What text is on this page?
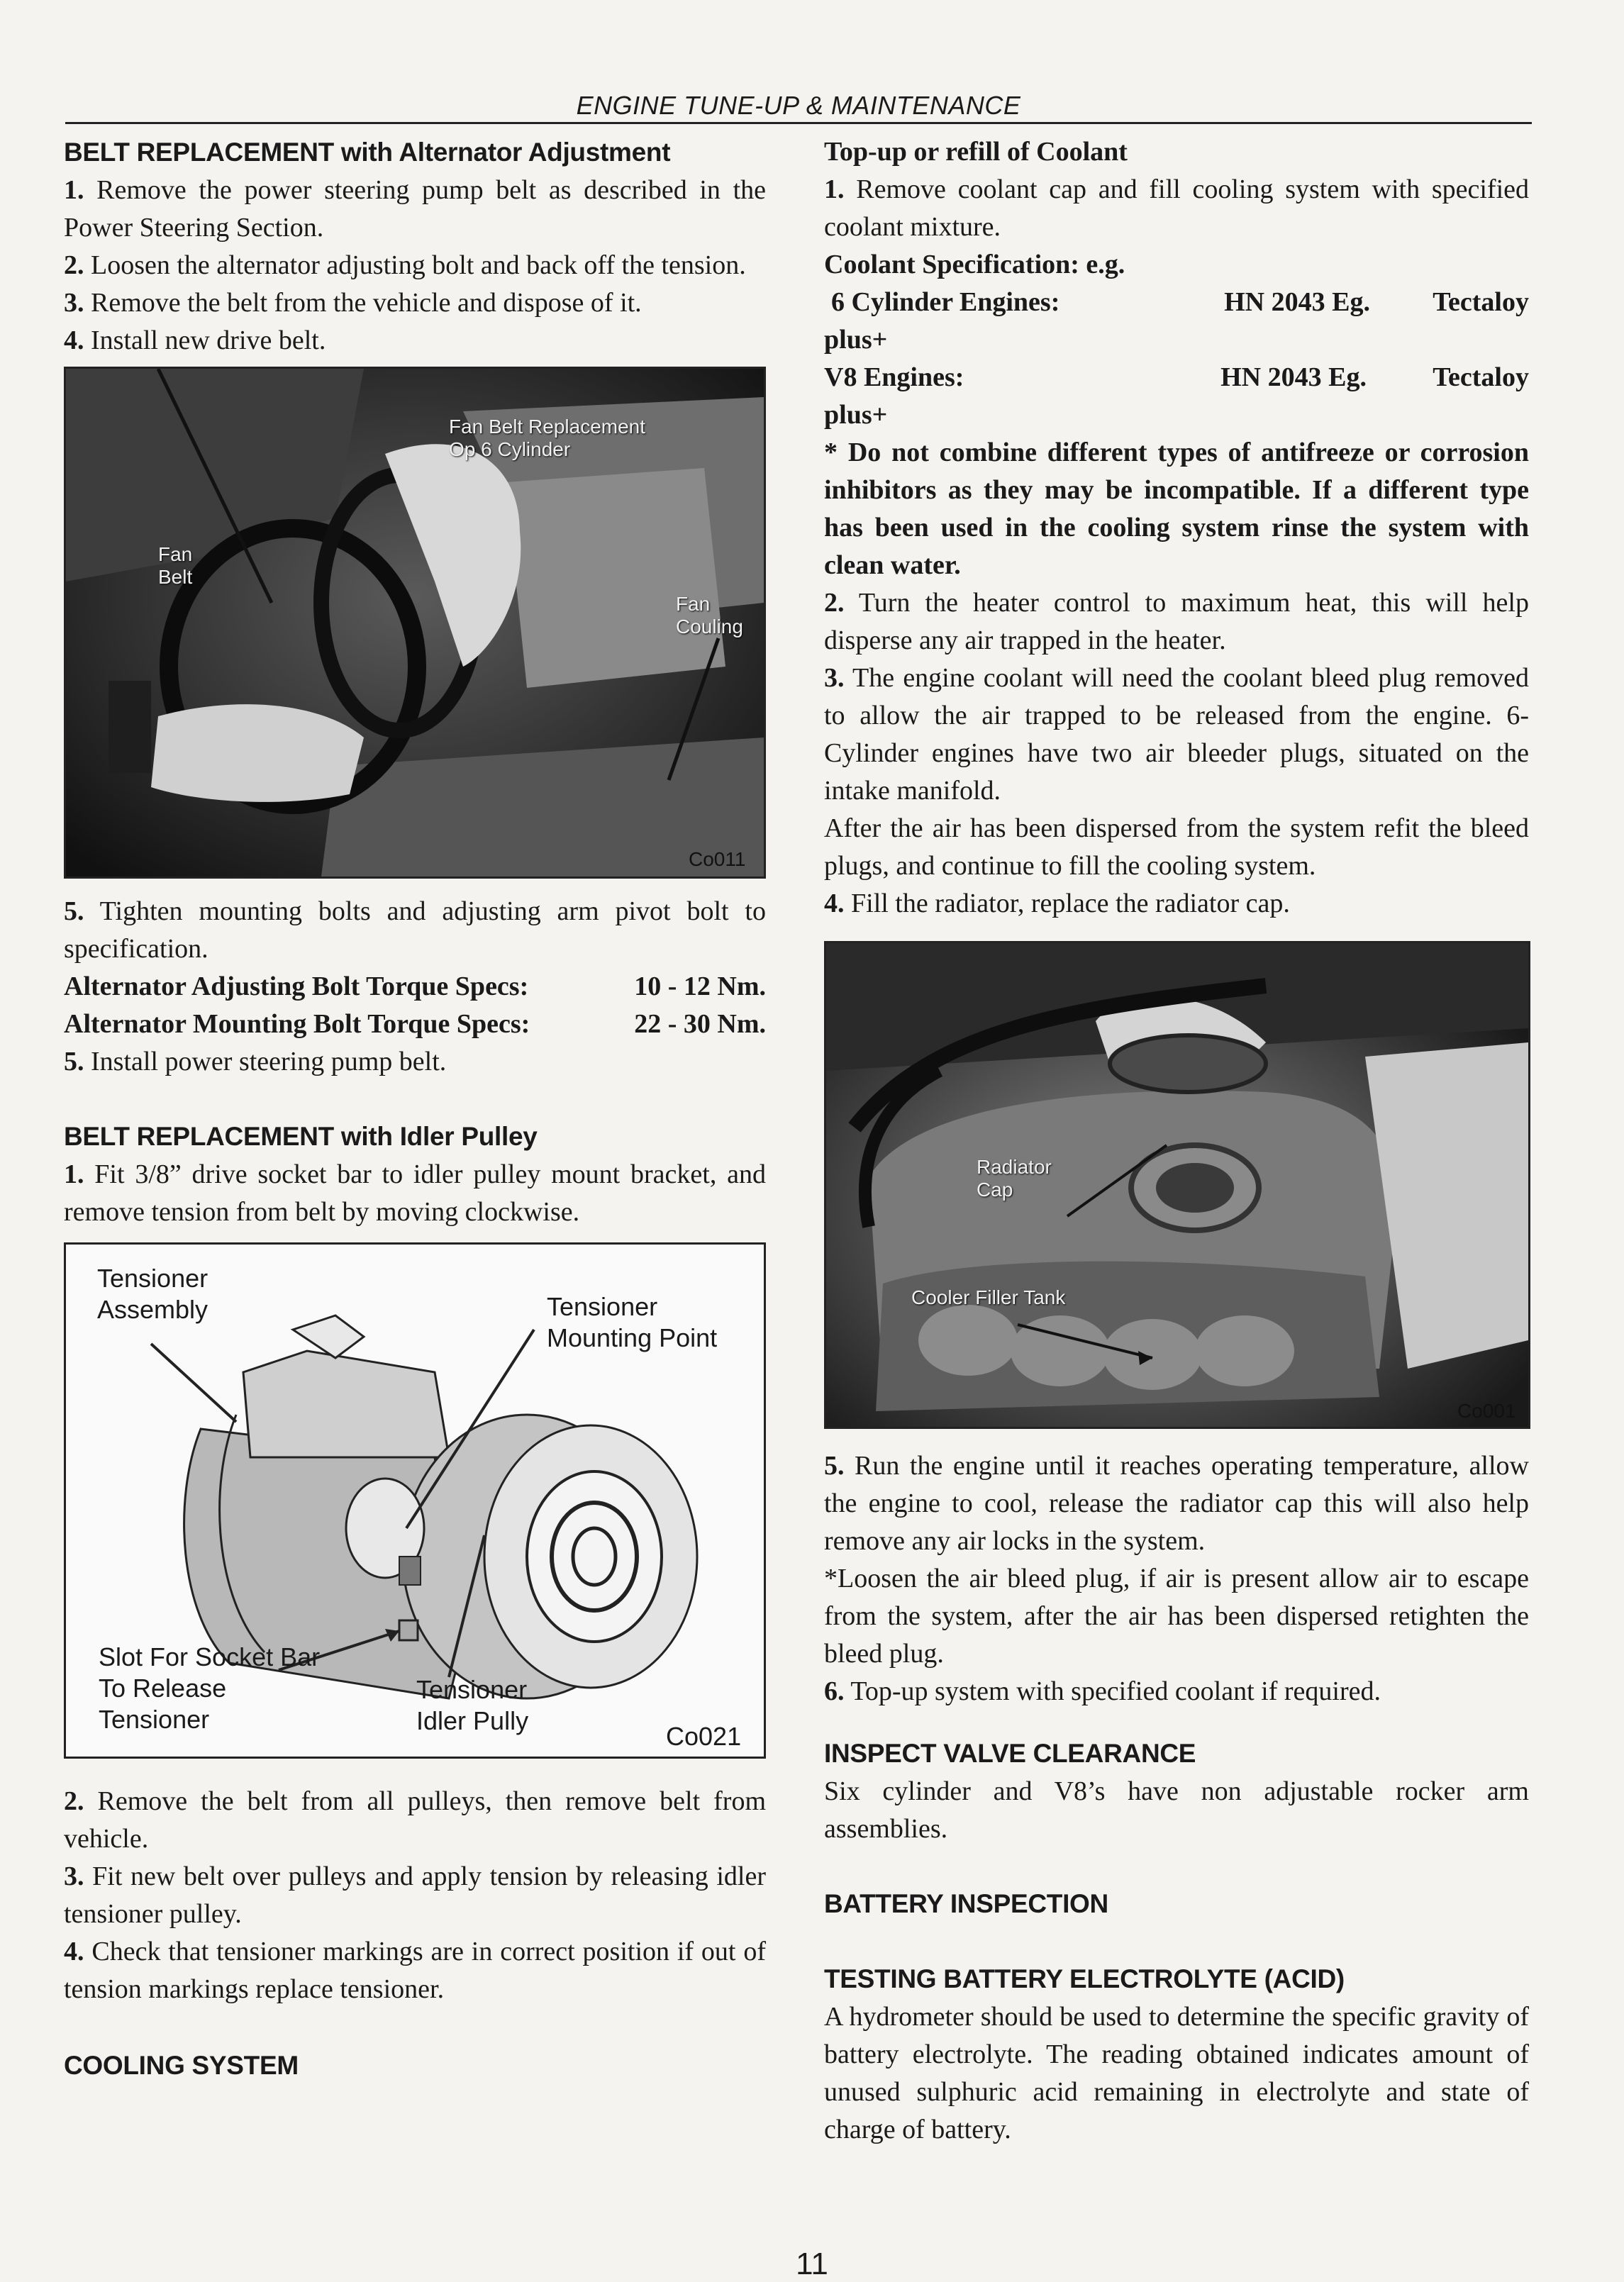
ENGINE TUNE-UP & MAINTENANCE
BELT REPLACEMENT with Alternator Adjustment

1. Remove the power steering pump belt as described in the Power Steering Section.

2. Loosen the alternator adjusting bolt and back off the tension.

3. Remove the belt from the vehicle and dispose of it.

4. Install new drive belt.

Fan Belt Replacement Op 6 Cylinder
Fan Belt
Fan Couling
Co011

5. Tighten mounting bolts and adjusting arm pivot bolt to specification.

Alternator Adjusting Bolt Torque Specs:	10 - 12 Nm.
Alternator Mounting Bolt Torque Specs:	22 - 30 Nm.

5. Install power steering pump belt.

BELT REPLACEMENT with Idler Pulley

1. Fit 3/8” drive socket bar to idler pulley mount bracket, and remove tension from belt by moving clockwise.

Tensioner Assembly	Tensioner Mounting Point
Slot For Socket Bar To Release Tensioner
Tensioner Idler Pully
Co021

2. Remove the belt from all pulleys, then remove belt from vehicle.

3. Fit new belt over pulleys and apply tension by releasing idler tensioner pulley.

4. Check that tensioner markings are in correct position if out of tension markings replace tensioner.

COOLING SYSTEM
Top-up or refill of Coolant

1. Remove coolant cap and fill cooling system with specified coolant mixture.

Coolant Specification: e.g.
6 Cylinder Engines:	HN 2043 Eg.	Tectaloy
plus+
V8 Engines:	HN 2043 Eg.	Tectaloy
plus+

* Do not combine different types of antifreeze or corrosion inhibitors as they may be incompatible. If a different type has been used in the cooling system rinse the system with clean water.

2. Turn the heater control to maximum heat, this will help disperse any air trapped in the heater.

3. The engine coolant will need the coolant bleed plug removed to allow the air trapped to be released from the engine. 6-Cylinder engines have two air bleeder plugs, situated on the intake manifold.

After the air has been dispersed from the system refit the bleed plugs, and continue to fill the cooling system.

4. Fill the radiator, replace the radiator cap.

Radiator Cap
Cooler Filler Tank
Co001

5. Run the engine until it reaches operating temperature, allow the engine to cool, release the radiator cap this will also help remove any air locks in the system.

*Loosen the air bleed plug, if air is present allow air to escape from the system, after the air has been dispersed retighten the bleed plug.

6. Top-up system with specified coolant if required.

INSPECT VALVE CLEARANCE

Six cylinder and V8’s have non adjustable rocker arm assemblies.

BATTERY INSPECTION
TESTING BATTERY ELECTROLYTE (ACID)

A hydrometer should be used to determine the specific gravity of battery electrolyte. The reading obtained indicates amount of unused sulphuric acid remaining in electrolyte and state of charge of battery.

11
